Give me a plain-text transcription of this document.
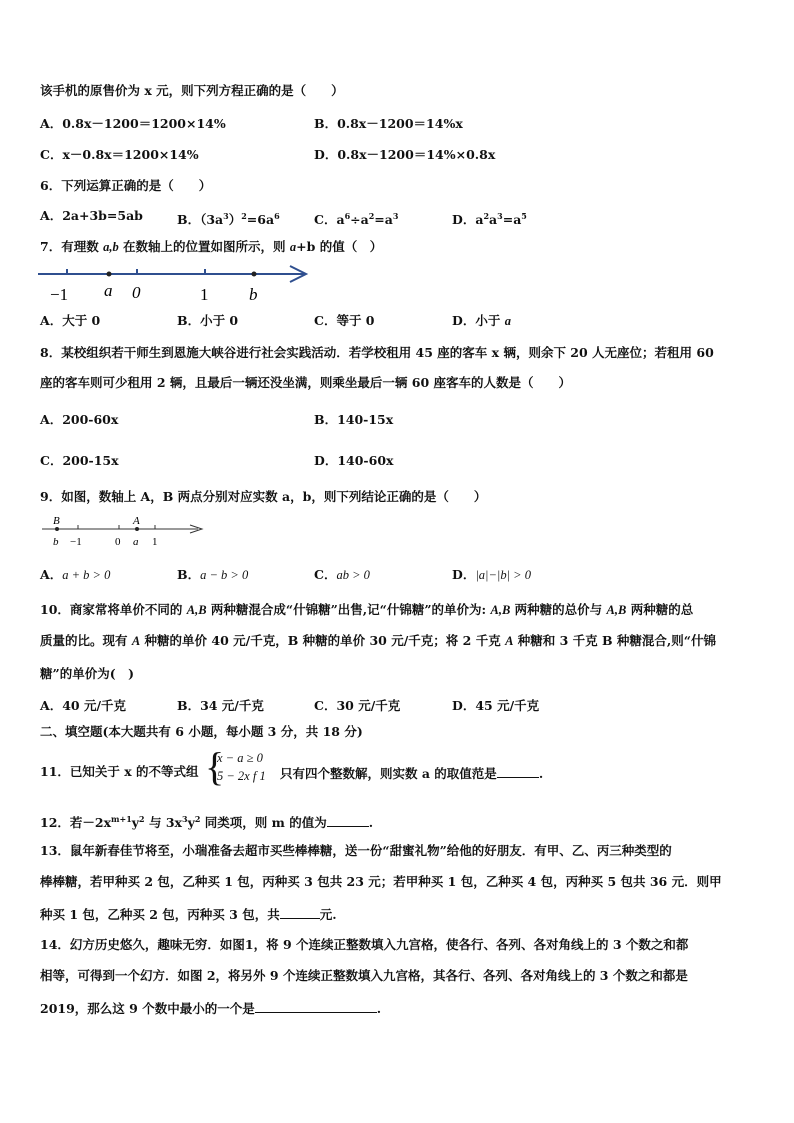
该手机的原售价为 x 元，则下列方程正确的是（　　）
A．0.8x－1200＝1200×14%	B．0.8x－1200＝14%x
C．x－0.8x＝1200×14%	D．0.8x－1200＝14%×0.8x
6．下列运算正确的是（　　）
A．2a+3b=5ab	B．$(3a^3)^2=6a^6$	C．$a^6\div a^2=a^3$	D．$a^2a^3=a^5$
7．有理数 a,b 在数轴上的位置如图所示，则 a+b 的值（　）
−1 a 0	1 b
A．大于 0	B．小于 0	C．等于 0	D．小于 a
8．某校组织若干师生到恩施大峡谷进行社会实践活动．若学校租用 45 座的客车 x 辆，则余下 20 人无座位；若租用 60
座的客车则可少租用 2 辆，且最后一辆还没坐满，则乘坐最后一辆 60 座客车的人数是（　　）
A．200-60x	B．140-15x
C．200-15x	D．140-60x
9．如图，数轴上 A，B 两点分别对应实数 a，b，则下列结论正确的是（　　）
B	A
b −1	0 a 1
A．a + b > 0	B．a − b > 0	C．ab > 0	D．|a|−|b| > 0
10．商家常将单价不同的 A,B 两种糖混合成“什锦糖”出售,记“什锦糖”的单价为: A,B 两种糖的总价与 A,B 两种糖的总
质量的比。现有 A 种糖的单价 40 元/千克，B 种糖的单价 30 元/千克；将 2 千克 A 种糖和 3 千克 B 种糖混合,则“什锦
糖”的单价为(　)
A．40 元/千克	B．34 元/千克	C．30 元/千克	D．45 元/千克
二、填空题(本大题共有 6 小题，每小题 3 分，共 18 分)
11．已知关于 x 的不等式组 {
x − a ≥ 0
5 − 2x f 1 只有四个整数解，则实数 a 的取值范是	.
12．若$-2x^{m+1}y^2$ 与 $3x^3y^2$ 同类项，则 m 的值为	.
13．鼠年新春佳节将至，小瑞准备去超市买些棒棒糖，送一份“甜蜜礼物”给他的好朋友．有甲、乙、丙三种类型的
棒棒糖，若甲种买 2 包，乙种买 1 包，丙种买 3 包共 23 元；若甲种买 1 包，乙种买 4 包，丙种买 5 包共 36 元．则甲
种买 1 包，乙种买 2 包，丙种买 3 包，共	元.
14．幻方历史悠久，趣味无穷．如图1，将 9 个连续正整数填入九宫格，使各行、各列、各对角线上的 3 个数之和都
相等，可得到一个幻方．如图 2，将另外 9 个连续正整数填入九宫格，其各行、各列、各对角线上的 3 个数之和都是
2019，那么这 9 个数中最小的一个是	.
